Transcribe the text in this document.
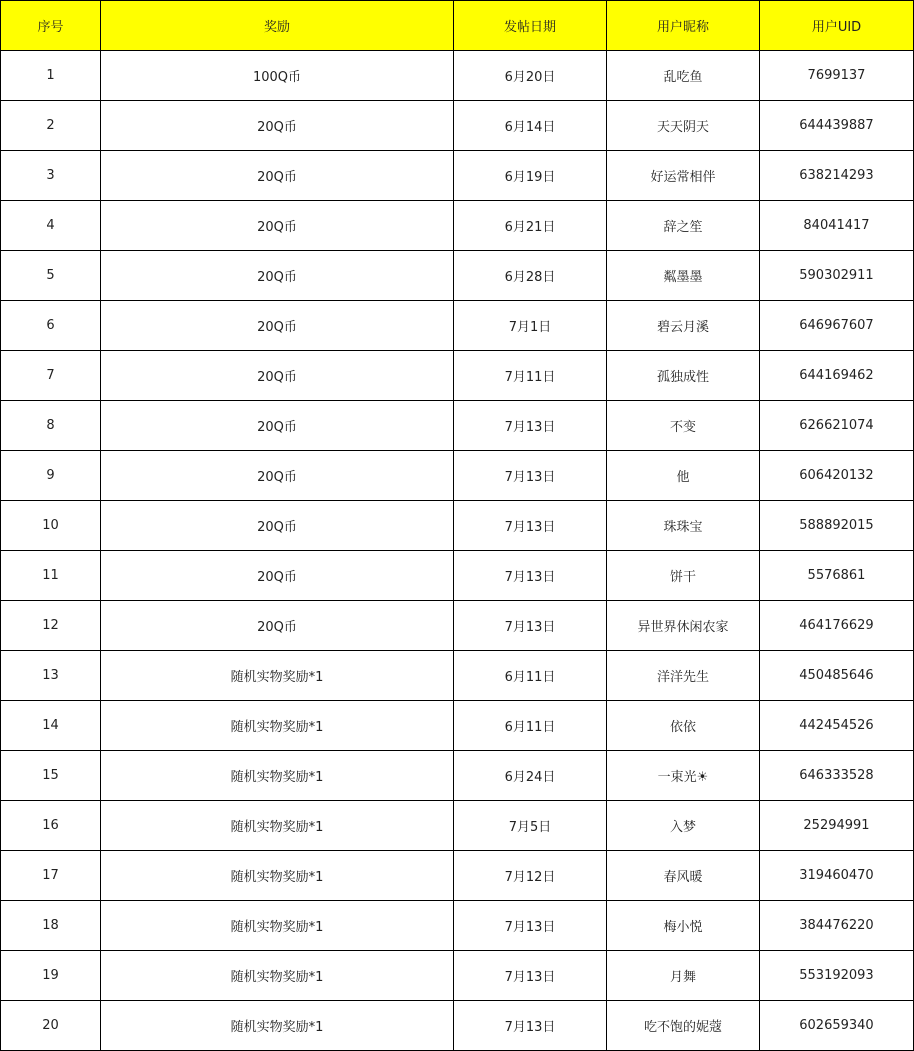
序号	奖励	发帖日期	用户昵称	用户UID
1	100Q币	6月20日	乱吃鱼	7699137
2	20Q币	6月14日	天天阴天	644439887
3	20Q币	6月19日	好运常相伴	638214293
4	20Q币	6月21日	辞之笙	84041417
5	20Q币	6月28日	粼墨墨	590302911
6	20Q币	7月1日	碧云月溪	646967607
7	20Q币	7月11日	孤独成性	644169462
8	20Q币	7月13日	不变	626621074
9	20Q币	7月13日	他	606420132
10	20Q币	7月13日	珠珠宝	588892015
11	20Q币	7月13日	饼干	5576861
12	20Q币	7月13日	异世界休闲农家	464176629
13	随机实物奖励*1	6月11日	洋洋先生	450485646
14	随机实物奖励*1	6月11日	依依	442454526
15	随机实物奖励*1	6月24日	一束光☀	646333528
16	随机实物奖励*1	7月5日	入梦	25294991
17	随机实物奖励*1	7月12日	春风暖	319460470
18	随机实物奖励*1	7月13日	梅小悦	384476220
19	随机实物奖励*1	7月13日	月舞	553192093
20	随机实物奖励*1	7月13日	吃不饱的妮蔻	602659340
